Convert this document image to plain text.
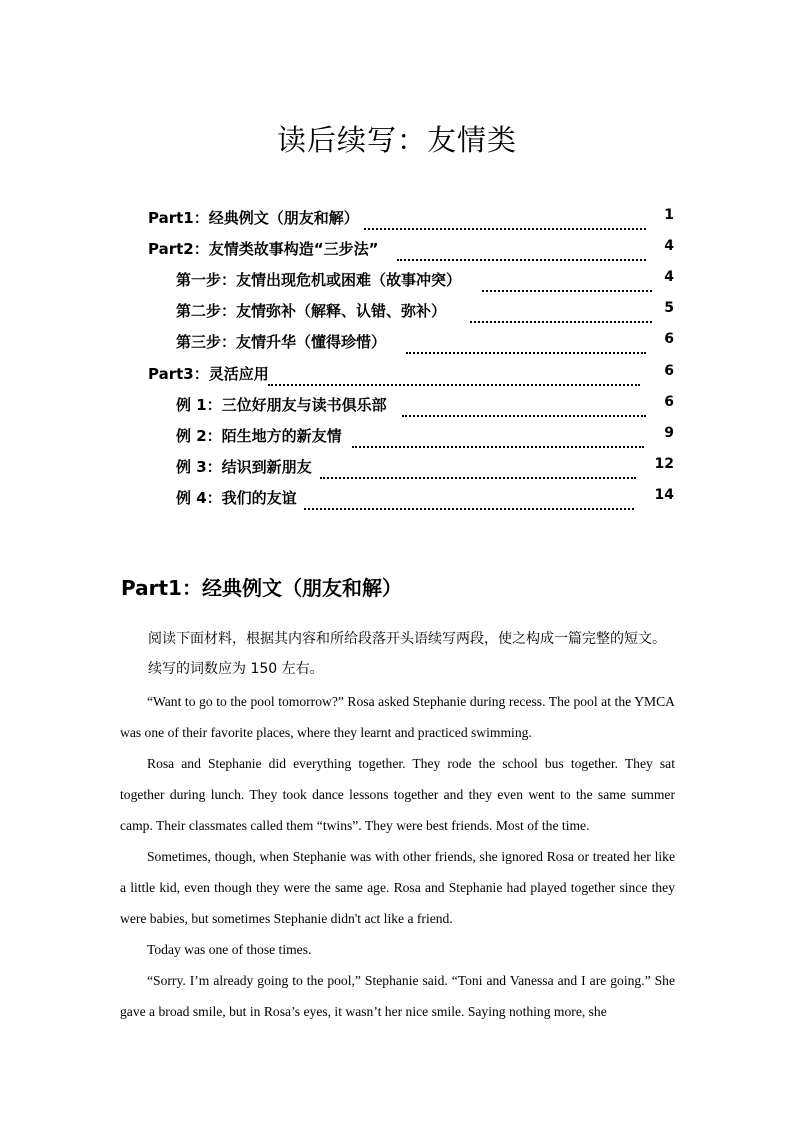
读后续写：友情类
Part1：经典例文（朋友和解）	1
Part2：友情类故事构造“三步法”	4
第一步：友情出现危机或困难（故事冲突）	4
第二步：友情弥补（解释、认错、弥补）	5
第三步：友情升华（懂得珍惜）	6
Part3：灵活应用	6
例 1：三位好朋友与读书俱乐部	6
例 2：陌生地方的新友情	9
例 3：结识到新朋友	12
例 4：我们的友谊	14
Part1：经典例文（朋友和解）
阅读下面材料，根据其内容和所给段落开头语续写两段，使之构成一篇完整的短文。续写的词数应为 150 左右。

“Want to go to the pool tomorrow?” Rosa asked Stephanie during recess. The pool at the YMCA was one of their favorite places, where they learnt and practiced swimming.

Rosa and Stephanie did everything together. They rode the school bus together. They sat together during lunch. They took dance lessons together and they even went to the same summer camp. Their classmates called them “twins”. They were best friends. Most of the time.

Sometimes, though, when Stephanie was with other friends, she ignored Rosa or treated her like a little kid, even though they were the same age. Rosa and Stephanie had played together since they were babies, but sometimes Stephanie didn't act like a friend.

Today was one of those times.

“Sorry. I’m already going to the pool,” Stephanie said. “Toni and Vanessa and I are going.” She gave a broad smile, but in Rosa’s eyes, it wasn’t her nice smile. Saying nothing more, she
